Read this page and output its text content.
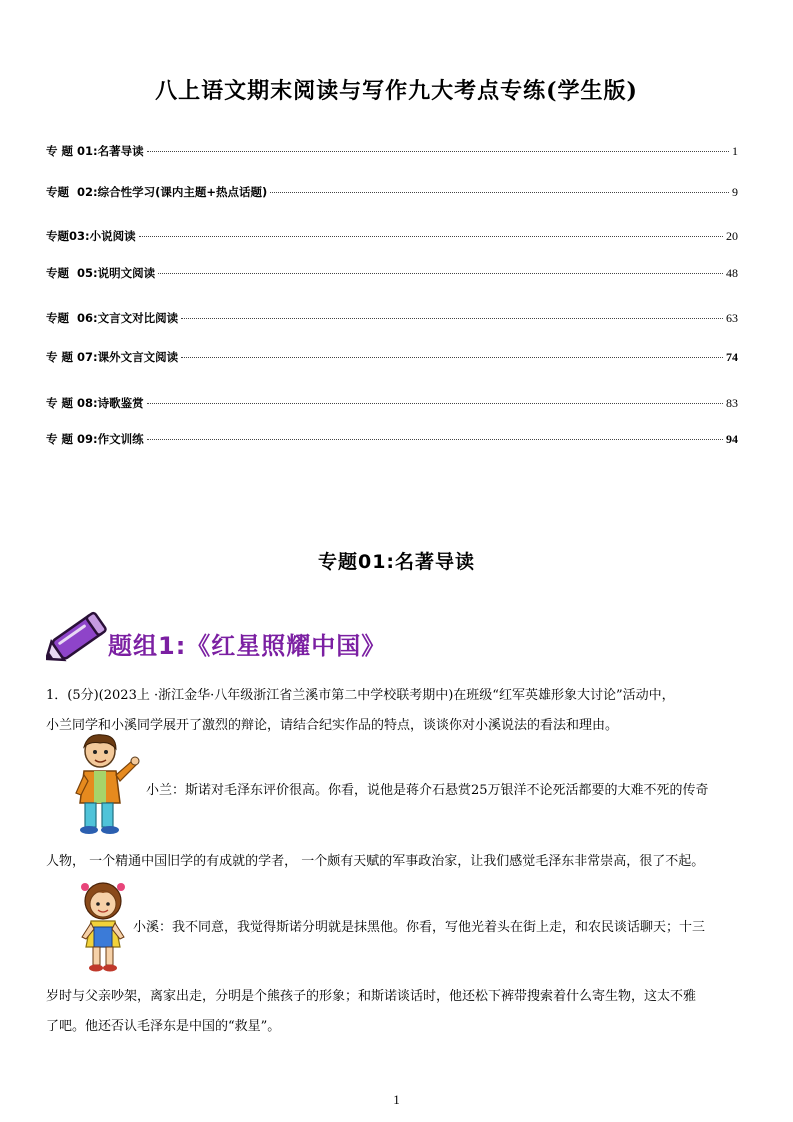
八上语文期末阅读与写作九大考点专练(学生版)
专 题 01:名著导读	1
专题  02:综合性学习(课内主题+热点话题)	9
专题03:小说阅读	20
专题  05:说明文阅读	48
专题  06:文言文对比阅读	63
专 题 07:课外文言文阅读	74
专 题 08:诗歌鉴赏	83
专 题 09:作文训练	94
专题01:名著导读
题组1:《红星照耀中国》
1．(5分)(2023上 ·浙江金华·八年级浙江省兰溪市第二中学校联考期中)在班级“红军英雄形象大讨论”活动中，
小兰同学和小溪同学展开了激烈的辩论，请结合纪实作品的特点，谈谈你对小溪说法的看法和理由。
小兰：斯诺对毛泽东评价很高。你看，说他是蒋介石悬赏25万银洋不论死活都要的大难不死的传奇
人物， 一个精通中国旧学的有成就的学者， 一个颇有天赋的军事政治家，让我们感觉毛泽东非常崇高，很了不起。
小溪：我不同意，我觉得斯诺分明就是抹黑他。你看，写他光着头在街上走，和农民谈话聊天；十三
岁时与父亲吵架，离家出走，分明是个熊孩子的形象；和斯诺谈话时，他还松下裤带搜索着什么寄生物，这太不雅
了吧。他还否认毛泽东是中国的“救星”。
1
